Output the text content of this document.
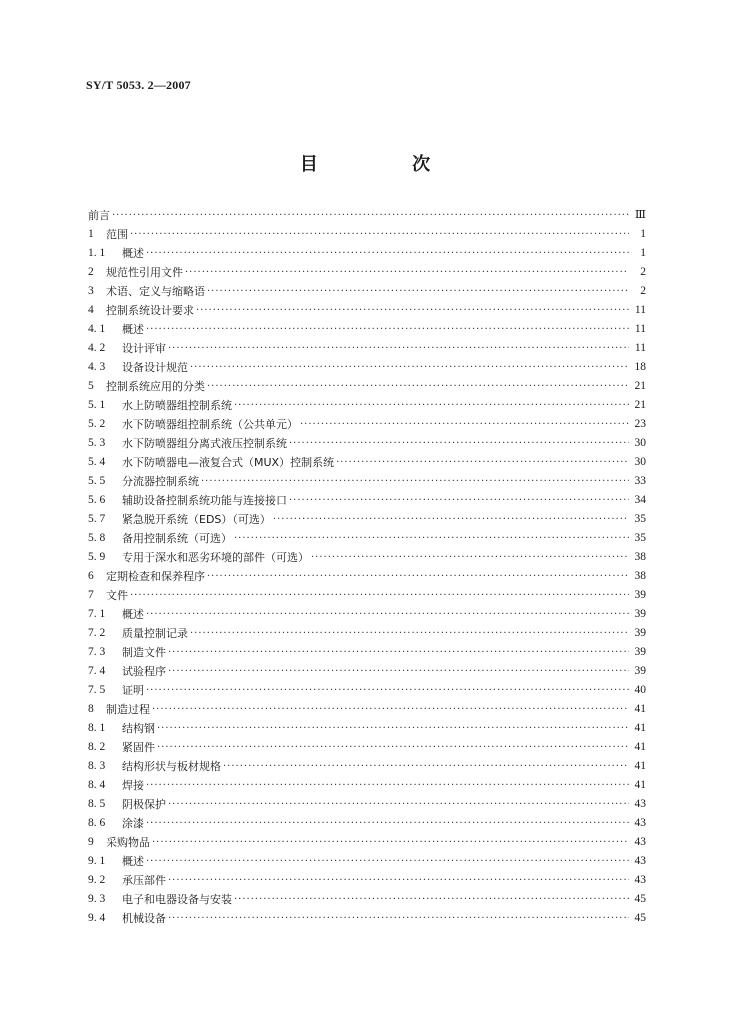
SY/T 5053. 2—2007
目 次
前言 ·····	Ⅲ
1	范围 ·····	1
1. 1	概述 ·····	1
2	规范性引用文件 ·····	2
3	术语、定义与缩略语 ·····	2
4	控制系统设计要求 ·····	11
4. 1	概述 ·····	11
4. 2	设计评审 ·····	11
4. 3	设备设计规范 ·····	18
5	控制系统应用的分类 ·····	21
5. 1	水上防喷器组控制系统 ·····	21
5. 2	水下防喷器组控制系统（公共单元） ·····	23
5. 3	水下防喷器组分离式液压控制系统 ·····	30
5. 4	水下防喷器电—液复合式（MUX）控制系统 ·····	30
5. 5	分流器控制系统 ·····	33
5. 6	辅助设备控制系统功能与连接接口 ·····	34
5. 7	紧急脱开系统（EDS）（可选） ·····	35
5. 8	备用控制系统（可选） ·····	35
5. 9	专用于深水和恶劣环境的部件（可选） ·····	38
6	定期检查和保养程序 ·····	38
7	文件 ·····	39
7. 1	概述 ·····	39
7. 2	质量控制记录 ·····	39
7. 3	制造文件 ·····	39
7. 4	试验程序 ·····	39
7. 5	证明 ·····	40
8	制造过程 ·····	41
8. 1	结构钢 ·····	41
8. 2	紧固件 ·····	41
8. 3	结构形状与板材规格 ·····	41
8. 4	焊接 ·····	41
8. 5	阴极保护 ·····	43
8. 6	涂漆 ·····	43
9	采购物品 ·····	43
9. 1	概述 ·····	43
9. 2	承压部件 ·····	43
9. 3	电子和电器设备与安装 ·····	45
9. 4	机械设备 ·····	45
